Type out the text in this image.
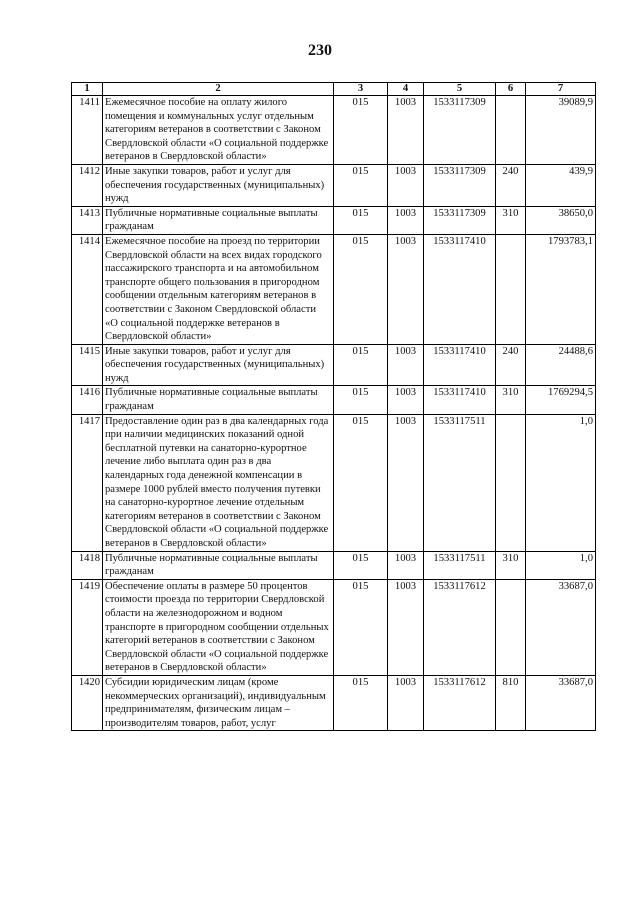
230
1	2	3	4	5	6	7
1411	Ежемесячное пособие на оплату жилого помещения и коммунальных услуг отдельным категориям ветеранов в соответствии с Законом Свердловской области «О социальной поддержке ветеранов в Свердловской области»	015	1003	1533117309		39089,9
1412	Иные закупки товаров, работ и услуг для обеспечения государственных (муниципальных) нужд	015	1003	1533117309	240	439,9
1413	Публичные нормативные социальные выплаты гражданам	015	1003	1533117309	310	38650,0
1414	Ежемесячное пособие на проезд по территории Свердловской области на всех видах городского пассажирского транспорта и на автомобильном транспорте общего пользования в пригородном сообщении отдельным категориям ветеранов в соответствии с Законом Свердловской области «О социальной поддержке ветеранов в Свердловской области»	015	1003	1533117410		1793783,1
1415	Иные закупки товаров, работ и услуг для обеспечения государственных (муниципальных) нужд	015	1003	1533117410	240	24488,6
1416	Публичные нормативные социальные выплаты гражданам	015	1003	1533117410	310	1769294,5
1417	Предоставление один раз в два календарных года при наличии медицинских показаний одной бесплатной путевки на санаторно-курортное лечение либо выплата один раз в два календарных года денежной компенсации в размере 1000 рублей вместо получения путевки на санаторно-курортное лечение отдельным категориям ветеранов в соответствии с Законом Свердловской области «О социальной поддержке ветеранов в Свердловской области»	015	1003	1533117511		1,0
1418	Публичные нормативные социальные выплаты гражданам	015	1003	1533117511	310	1,0
1419	Обеспечение оплаты в размере 50 процентов стоимости проезда по территории Свердловской области на железнодорожном и водном транспорте в пригородном сообщении отдельных категорий ветеранов в соответствии с Законом Свердловской области «О социальной поддержке ветеранов в Свердловской области»	015	1003	1533117612		33687,0
1420	Субсидии юридическим лицам (кроме некоммерческих организаций), индивидуальным предпринимателям, физическим лицам – производителям товаров, работ, услуг	015	1003	1533117612	810	33687,0
